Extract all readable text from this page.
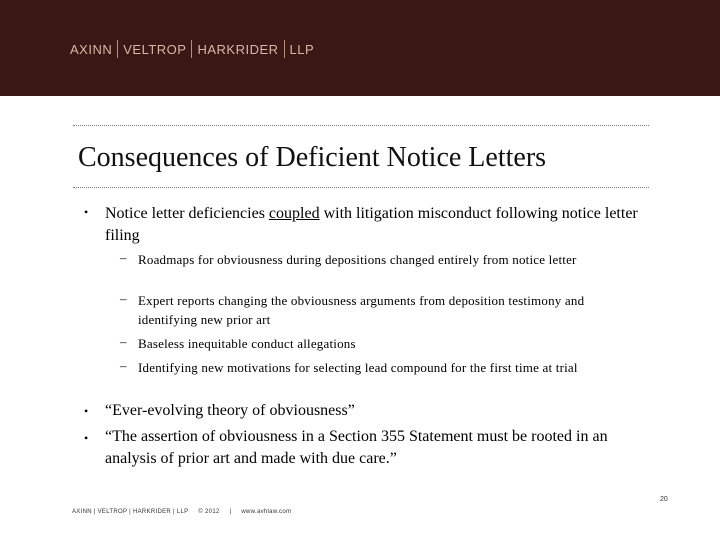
AXINN VELTROP HARKRIDER LLP
Consequences of Deficient Notice Letters
• Notice letter deficiencies coupled with litigation misconduct following notice letter filing
– Roadmaps for obviousness during depositions changed entirely from notice letter
– Expert reports changing the obviousness arguments from deposition testimony and identifying new prior art
– Baseless inequitable conduct allegations
– Identifying new motivations for selecting lead compound for the first time at trial
• “Ever-evolving theory of obviousness”
• “The assertion of obviousness in a Section 355 Statement must be rooted in an analysis of prior art and made with due care.”
AXINN | VELTROP | HARKRIDER | LLP © 2012 | www.avhlaw.com
20
